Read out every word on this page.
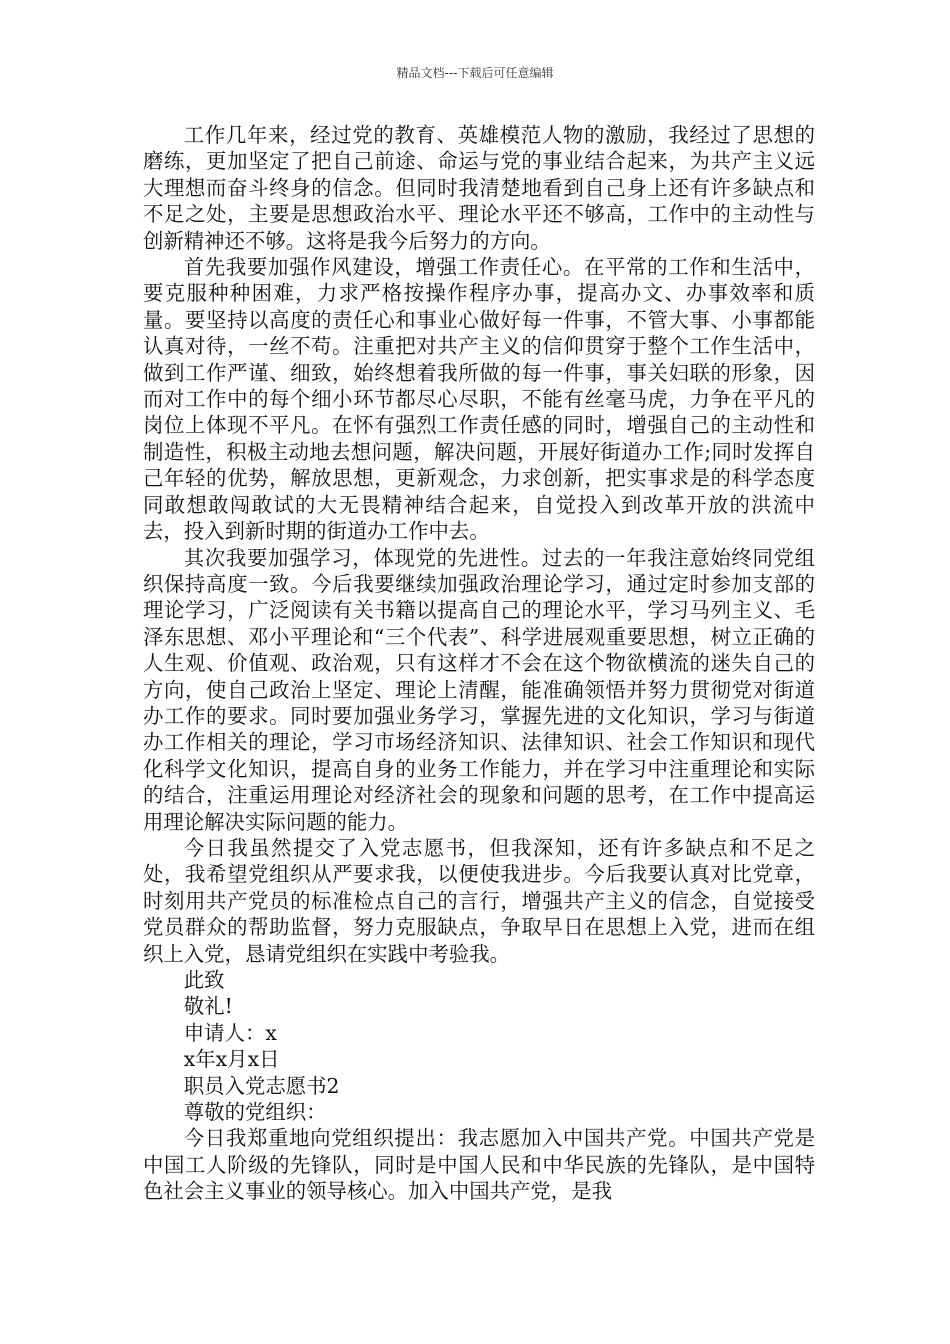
精品文档---下载后可任意编辑

工作几年来，经过党的教育、英雄模范人物的激励，我经过了思想的磨练，更加坚定了把自己前途、命运与党的事业结合起来，为共产主义远大理想而奋斗终身的信念。但同时我清楚地看到自己身上还有许多缺点和不足之处，主要是思想政治水平、理论水平还不够高，工作中的主动性与创新精神还不够。这将是我今后努力的方向。

首先我要加强作风建设，增强工作责任心。在平常的工作和生活中，要克服种种困难，力求严格按操作程序办事，提高办文、办事效率和质量。要坚持以高度的责任心和事业心做好每一件事，不管大事、小事都能认真对待，一丝不苟。注重把对共产主义的信仰贯穿于整个工作生活中，做到工作严谨、细致，始终想着我所做的每一件事，事关妇联的形象，因而对工作中的每个细小环节都尽心尽职，不能有丝毫马虎，力争在平凡的岗位上体现不平凡。在怀有强烈工作责任感的同时，增强自己的主动性和制造性，积极主动地去想问题，解决问题，开展好街道办工作;同时发挥自己年轻的优势，解放思想，更新观念，力求创新，把实事求是的科学态度同敢想敢闯敢试的大无畏精神结合起来，自觉投入到改革开放的洪流中去，投入到新时期的街道办工作中去。

其次我要加强学习，体现党的先进性。过去的一年我注意始终同党组织保持高度一致。今后我要继续加强政治理论学习，通过定时参加支部的理论学习，广泛阅读有关书籍以提高自己的理论水平，学习马列主义、毛泽东思想、邓小平理论和“三个代表”、科学进展观重要思想，树立正确的人生观、价值观、政治观，只有这样才不会在这个物欲横流的迷失自己的方向，使自己政治上坚定、理论上清醒，能准确领悟并努力贯彻党对街道办工作的要求。同时要加强业务学习，掌握先进的文化知识，学习与街道办工作相关的理论，学习市场经济知识、法律知识、社会工作知识和现代化科学文化知识，提高自身的业务工作能力，并在学习中注重理论和实际的结合，注重运用理论对经济社会的现象和问题的思考，在工作中提高运用理论解决实际问题的能力。

今日我虽然提交了入党志愿书，但我深知，还有许多缺点和不足之处，我希望党组织从严要求我，以便使我进步。今后我要认真对比党章，时刻用共产党员的标准检点自己的言行，增强共产主义的信念，自觉接受党员群众的帮助监督，努力克服缺点，争取早日在思想上入党，进而在组织上入党，恳请党组织在实践中考验我。

此致

敬礼!

申请人：x

x年x月x日

职员入党志愿书2

尊敬的党组织：

今日我郑重地向党组织提出：我志愿加入中国共产党。中国共产党是中国工人阶级的先锋队，同时是中国人民和中华民族的先锋队，是中国特色社会主义事业的领导核心。加入中国共产党，是我
